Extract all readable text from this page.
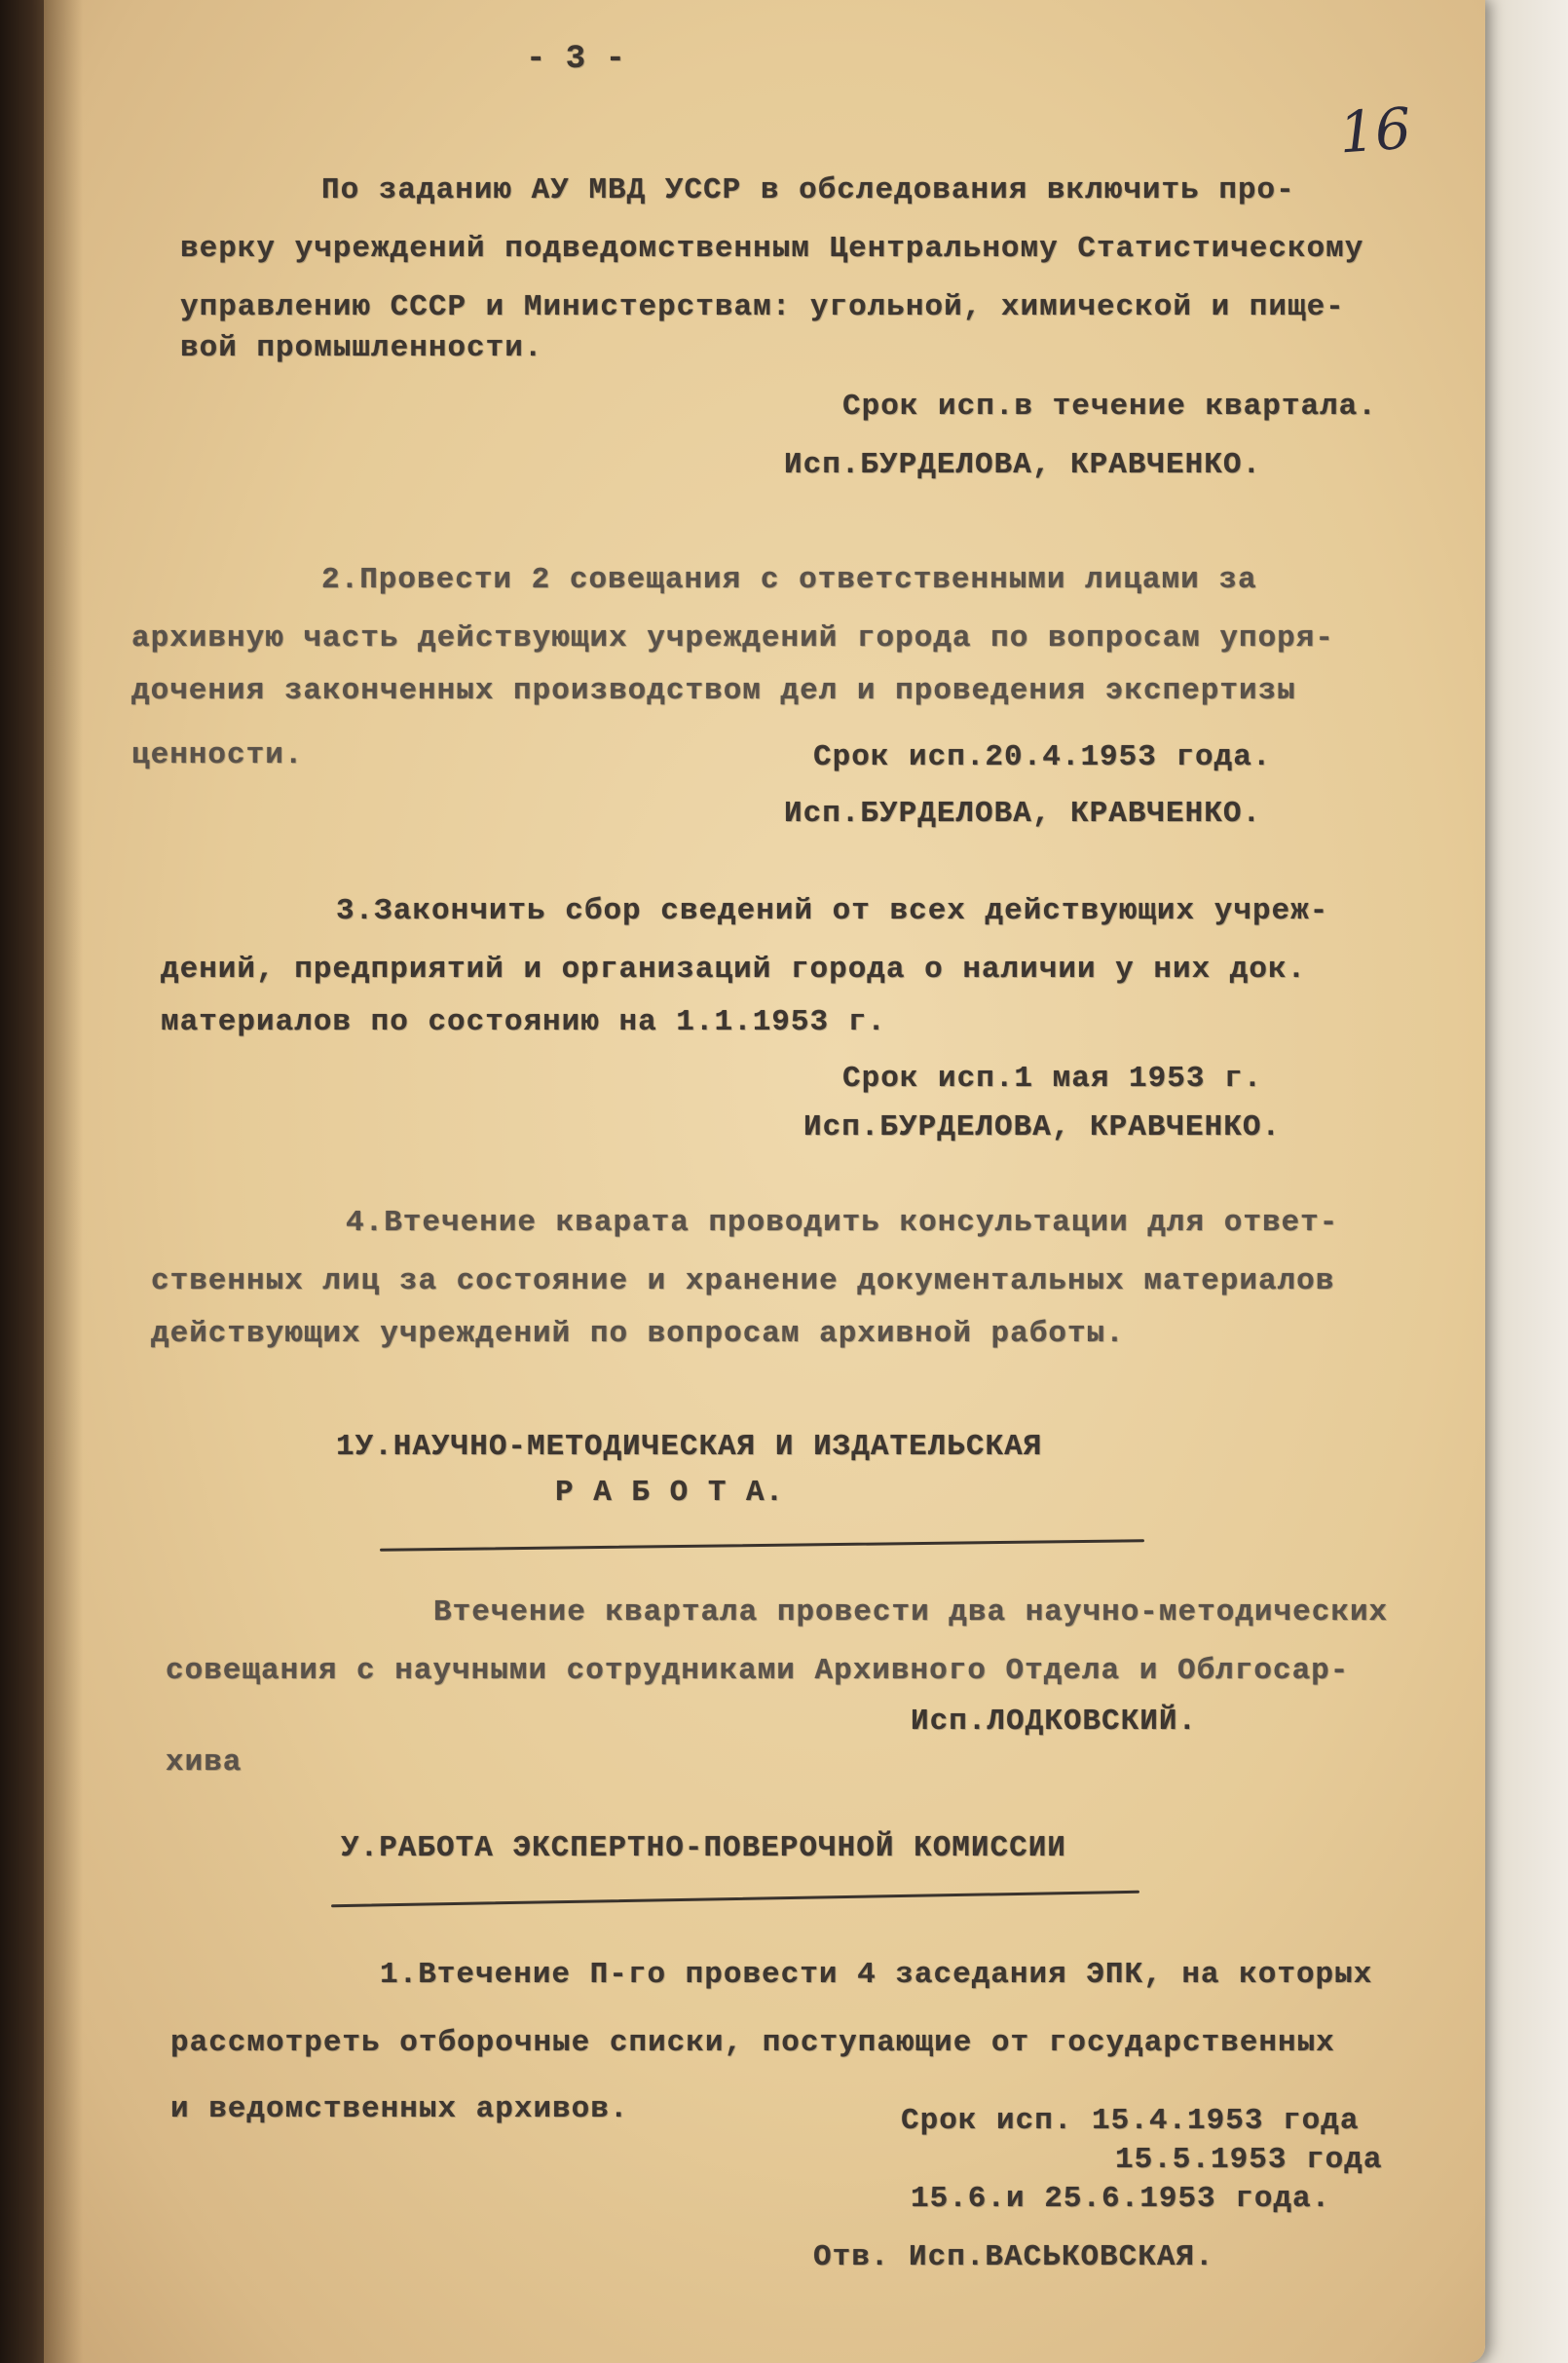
- 3 -

16

По заданию АУ МВД УССР в обследования включить про-

верку учреждений подведомственным Центральному Статистическому

управлению СССР и Министерствам: угольной, химической и пище-

вой промышленности.

Срок исп.в течение квартала.

Исп.БУРДЕЛОВА, КРАВЧЕНКО.

2.Провести 2 совещания с ответственными лицами за

архивную часть действующих учреждений города по вопросам упоря-

дочения законченных производством дел и проведения экспертизы

ценности.	Срок исп.20.4.1953 года.

Исп.БУРДЕЛОВА, КРАВЧЕНКО.

3.Закончить сбор сведений от всех действующих учреж-

дений, предприятий и организаций города о наличии у них док.

материалов по состоянию на 1.1.1953 г.

Срок исп.1 мая 1953 г.

Исп.БУРДЕЛОВА, КРАВЧЕНКО.

4.Втечение кварата проводить консультации для ответ-

ственных лиц за состояние и хранение документальных материалов

действующих учреждений по вопросам архивной работы.

1У.НАУЧНО-МЕТОДИЧЕСКАЯ И ИЗДАТЕЛЬСКАЯ

Р А Б О Т А.

Втечение квартала провести два научно-методических

совещания с научными сотрудниками Архивного Отдела и Облгосар-

хива

Исп.ЛОДКОВСКИЙ.

У.РАБОТА ЭКСПЕРТНО-ПОВЕРОЧНОЙ КОМИССИИ

1.Втечение П-го провести 4 заседания ЭПК, на которых

рассмотреть отборочные списки, поступающие от государственных

и ведомственных архивов.	Срок исп. 15.4.1953 года

15.5.1953 года

15.6.и 25.6.1953 года.

Отв. Исп.ВАСЬКОВСКАЯ.
